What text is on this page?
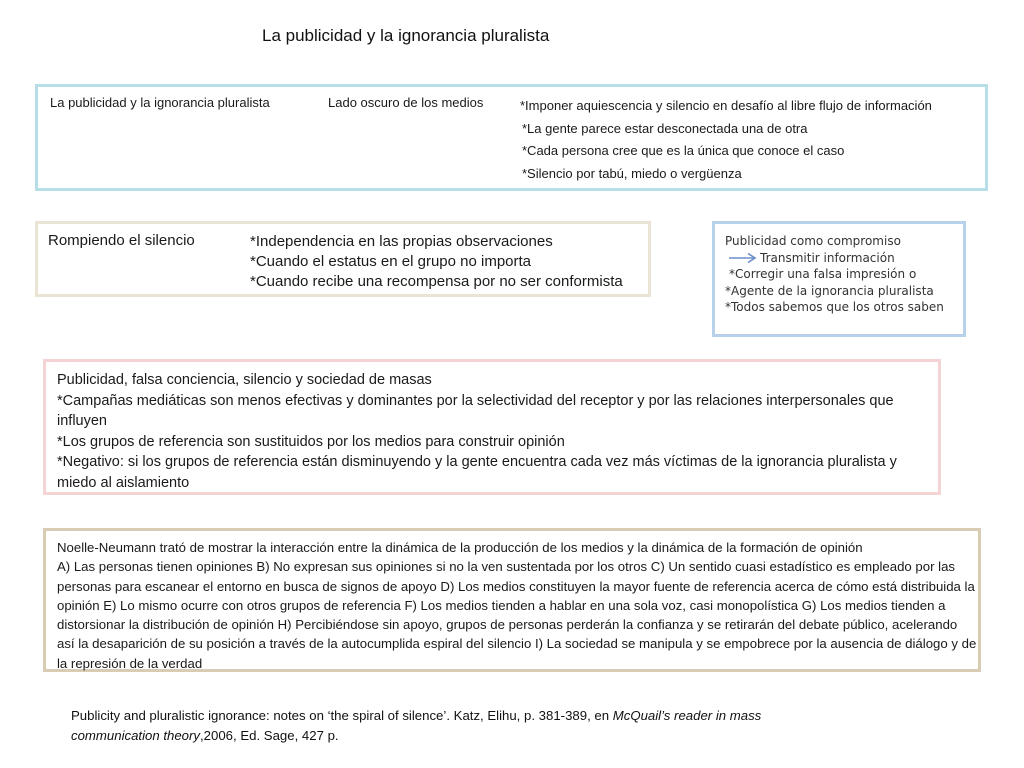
La publicidad y la ignorancia pluralista
La publicidad y la ignorancia pluralista	Lado oscuro de los medios	*Imponer aquiescencia y silencio en desafío al libre flujo de información
*La gente parece estar desconectada una de otra
*Cada persona cree que es la única que conoce el caso
*Silencio por tabú, miedo o vergüenza
Rompiendo el silencio	*Independencia en las propias observaciones
*Cuando el estatus en el grupo no importa
*Cuando recibe una recompensa por no ser conformista
Publicidad como compromiso
Transmitir información
*Corregir una falsa impresión o
*Agente de la ignorancia pluralista
*Todos sabemos que los otros saben
Publicidad, falsa conciencia, silencio y sociedad de masas
*Campañas mediáticas son menos efectivas y dominantes por la selectividad del receptor y por las relaciones interpersonales que influyen
*Los grupos de referencia son sustituidos por los medios para construir opinión
*Negativo: si los grupos de referencia están disminuyendo y la gente encuentra cada vez más víctimas de la ignorancia pluralista y miedo al aislamiento
Noelle-Neumann trató de mostrar la interacción entre la dinámica de la producción de los medios y la dinámica de la formación de opinión
A) Las personas tienen opiniones B) No expresan sus opiniones si no la ven sustentada por los otros C) Un sentido cuasi estadístico es empleado por las personas para escanear el entorno en busca de signos de apoyo D) Los medios constituyen la mayor fuente de referencia acerca de cómo está distribuida la opinión E) Lo mismo ocurre con otros grupos de referencia F) Los medios tienden a hablar en una sola voz, casi monopolística G) Los medios tienden a distorsionar la distribución de opinión H) Percibiéndose sin apoyo, grupos de personas perderán la confianza y se retirarán del debate público, acelerando así la desaparición de su posición a través de la autocumplida espiral del silencio I) La sociedad se manipula y se empobrece por la ausencia de diálogo y de la represión de la verdad
Publicity and pluralistic ignorance: notes on ‘the spiral of silence’. Katz, Elihu, p. 381-389, en McQuail’s reader in mass communication theory,2006, Ed. Sage, 427 p.
